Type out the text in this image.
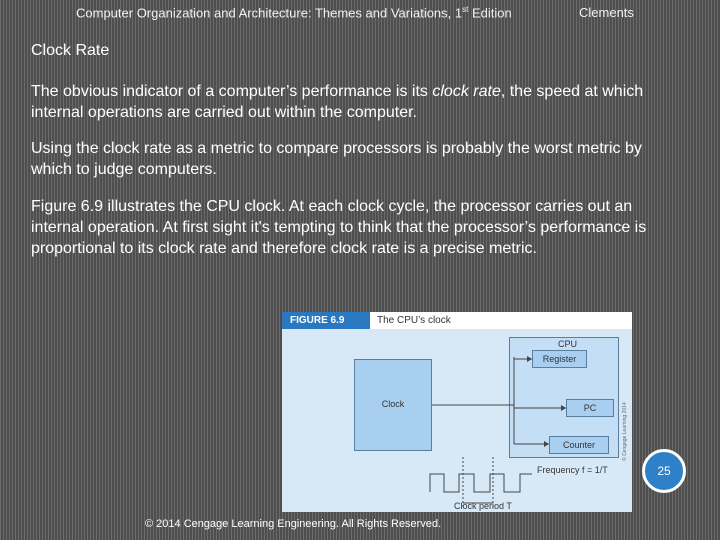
Computer Organization and Architecture: Themes and Variations, 1st Edition	Clements
Clock Rate

The obvious indicator of a computer’s performance is its clock rate, the speed at which internal operations are carried out within the computer.

Using the clock rate as a metric to compare processors is probably the worst metric by which to judge computers.

Figure 6.9 illustrates the CPU clock. At each clock cycle, the processor carries out an internal operation. At first sight it's tempting to think that the processor’s performance is proportional to its clock rate and therefore clock rate is a precise metric.

FIGURE 6.9	The CPU’s clock
CPU
Clock
Register
PC
Counter
Frequency f = 1/T
Clock period T
© Cengage Learning 2014
25
© 2014 Cengage Learning Engineering. All Rights Reserved.
